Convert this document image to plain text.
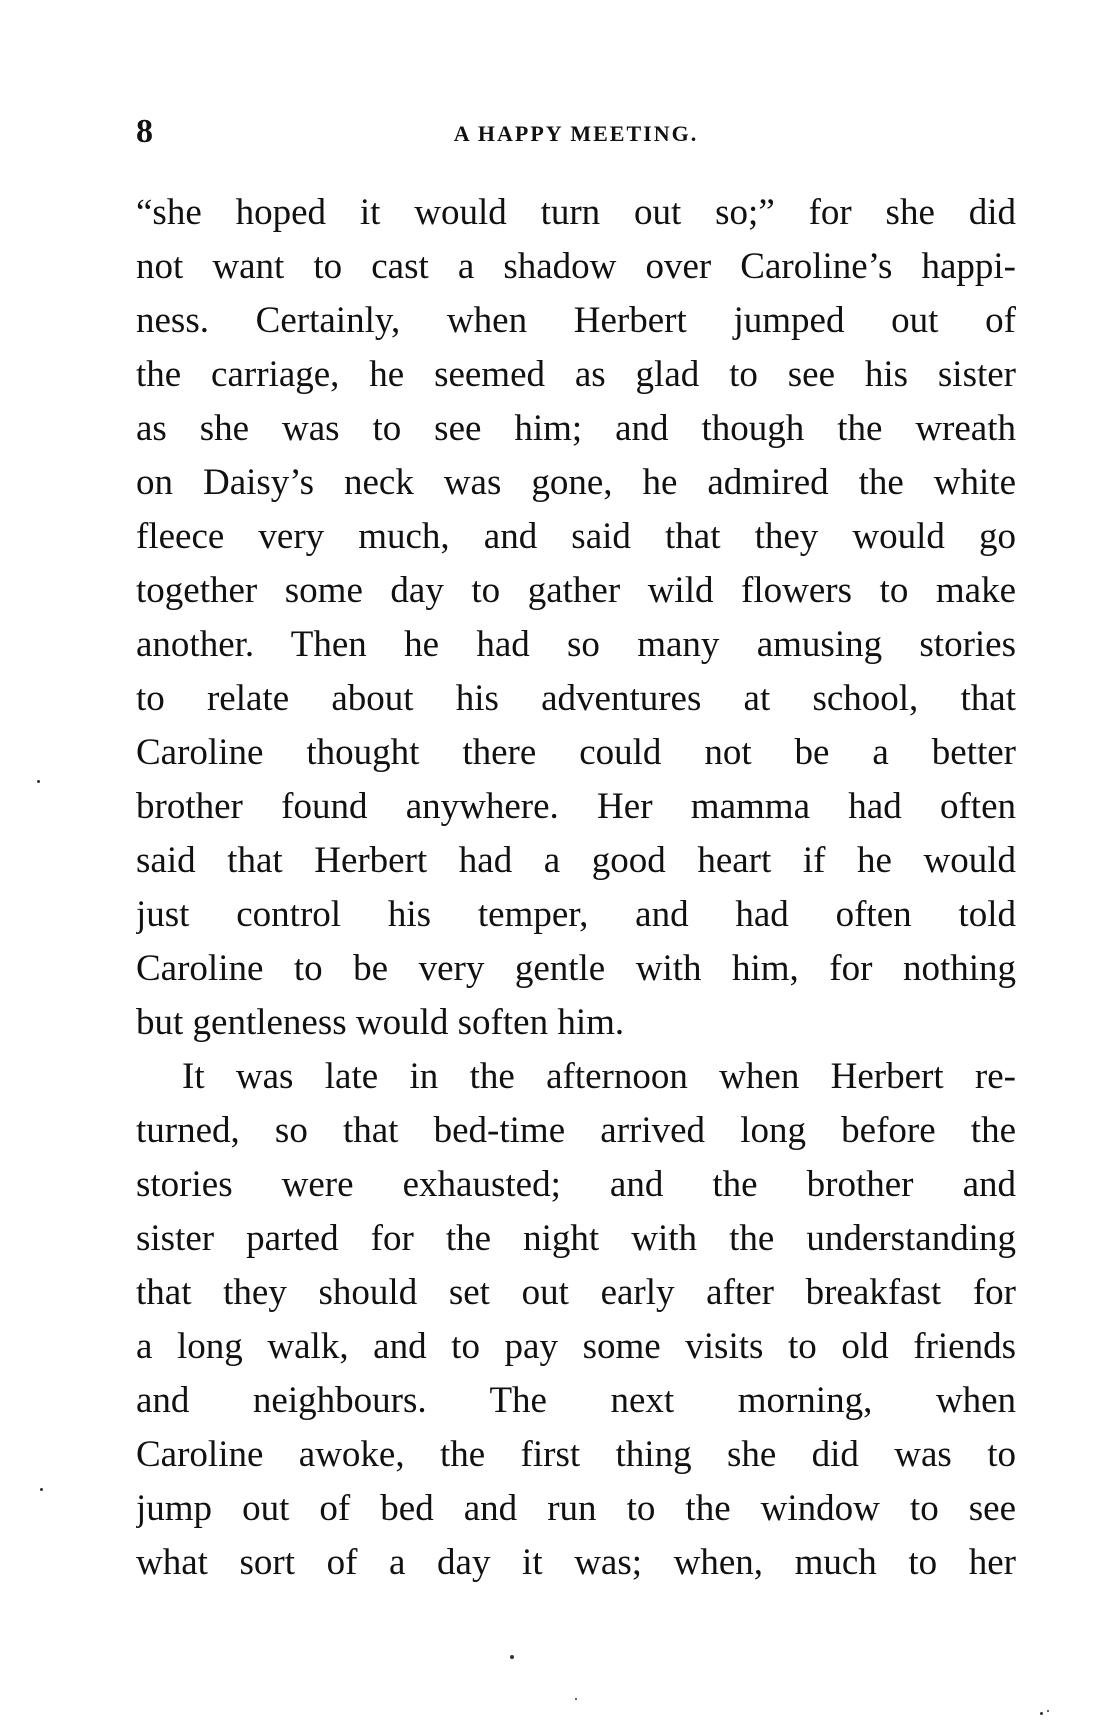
8	A HAPPY MEETING.
“she hoped it would turn out so;” for she did
not want to cast a shadow over Caroline’s happi-
ness. Certainly, when Herbert jumped out of
the carriage, he seemed as glad to see his sister
as she was to see him; and though the wreath
on Daisy’s neck was gone, he admired the white
fleece very much, and said that they would go
together some day to gather wild flowers to make
another. Then he had so many amusing stories
to relate about his adventures at school, that
Caroline thought there could not be a better
brother found anywhere. Her mamma had often
said that Herbert had a good heart if he would
just control his temper, and had often told
Caroline to be very gentle with him, for nothing
but gentleness would soften him.
It was late in the afternoon when Herbert re-
turned, so that bed-time arrived long before the
stories were exhausted; and the brother and
sister parted for the night with the understanding
that they should set out early after breakfast for
a long walk, and to pay some visits to old friends
and neighbours. The next morning, when
Caroline awoke, the first thing she did was to
jump out of bed and run to the window to see
what sort of a day it was; when, much to her
